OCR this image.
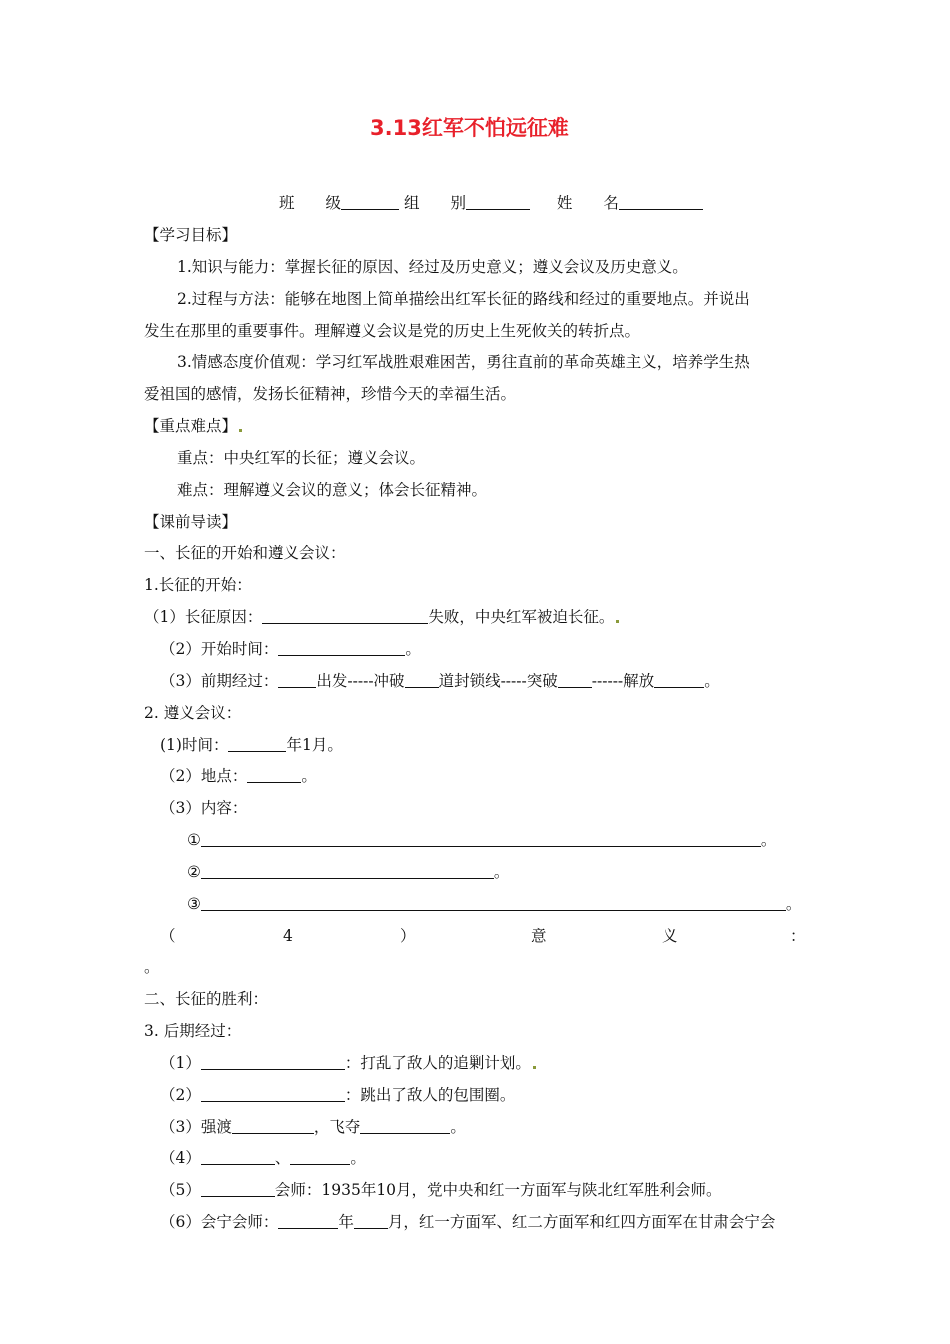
3.13红军不怕远征难
班　　级	组　　别	姓　　名
【学习目标】
1.知识与能力：掌握长征的原因、经过及历史意义；遵义会议及历史意义。
2.过程与方法：能够在地图上简单描绘出红军长征的路线和经过的重要地点。并说出
发生在那里的重要事件。理解遵义会议是党的历史上生死攸关的转折点。
3.情感态度价值观：学习红军战胜艰难困苦，勇往直前的革命英雄主义，培养学生热
爱祖国的感情，发扬长征精神，珍惜今天的幸福生活。
【重点难点】
重点：中央红军的长征；遵义会议。
难点：理解遵义会议的意义；体会长征精神。
【课前导读】
一、长征的开始和遵义会议：
1.长征的开始：
（1）长征原因：	失败，中央红军被迫长征。
（2）开始时间：	。
（3）前期经过： 出发-----冲破 道封锁线-----突破 ------解放	。
2. 遵义会议：
(1)时间：	年1月。
（2）地点：	。
（3）内容：
①	。
②	。
③	。
（	4	）	意	义	：
。
二、长征的胜利：
3. 后期经过：
（1）	：打乱了敌人的追剿计划。
（2）	：跳出了敌人的包围圈。
（3）强渡	，飞夺	。
（4）	、	。
（5）	会师：1935年10月，党中央和红一方面军与陕北红军胜利会师。
（6）会宁会师：	年 月，红一方面军、红二方面军和红四方面军在甘肃会宁会
